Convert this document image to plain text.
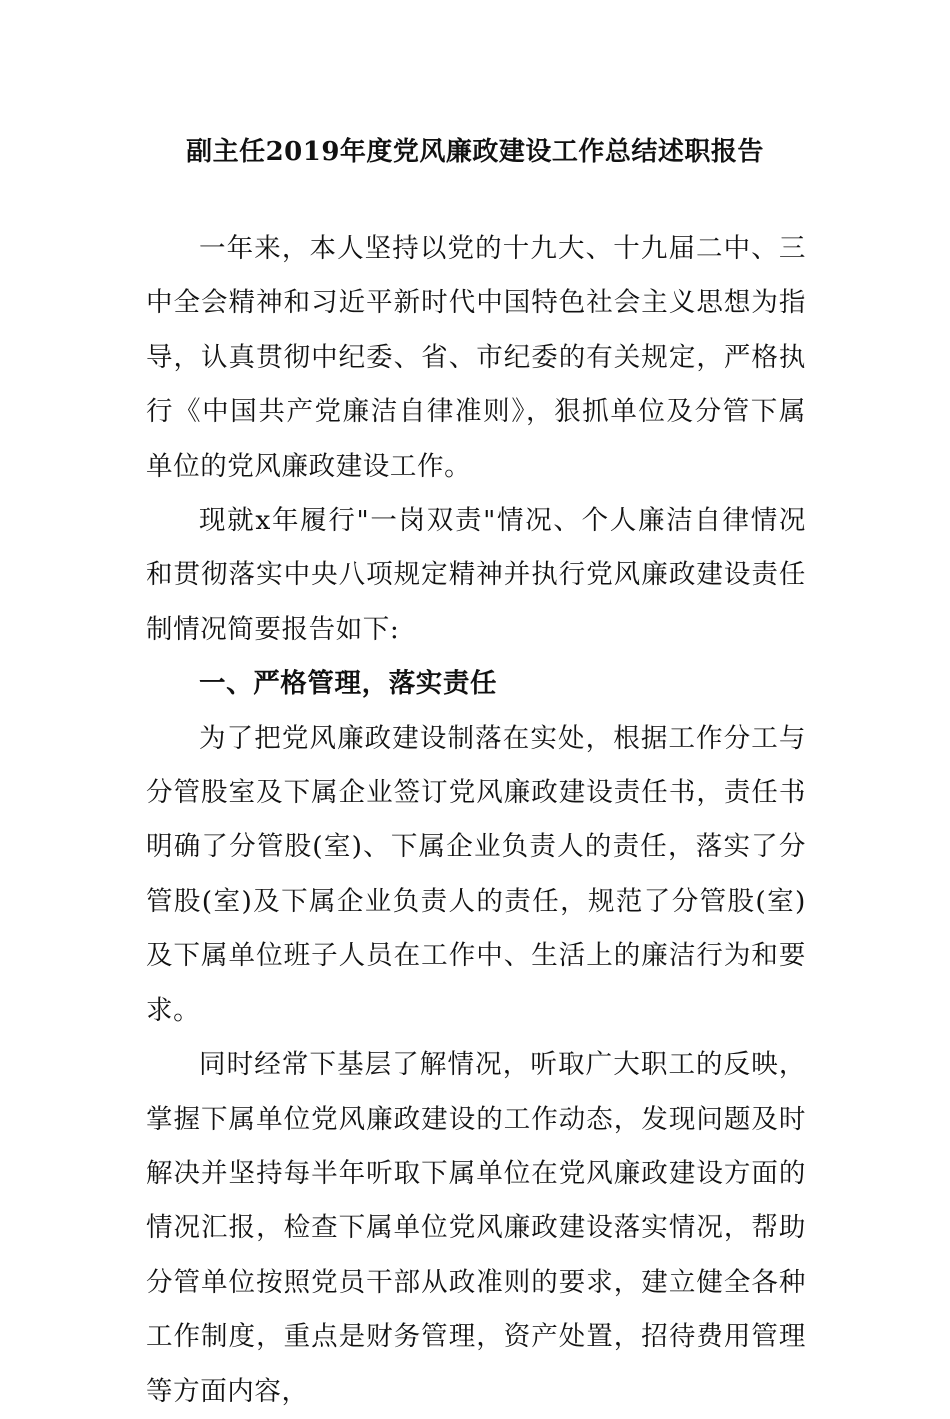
副主任2019年度党风廉政建设工作总结述职报告

一年来，本人坚持以党的十九大、十九届二中、三中全会精神和习近平新时代中国特色社会主义思想为指导，认真贯彻中纪委、省、市纪委的有关规定，严格执行《中国共产党廉洁自律准则》，狠抓单位及分管下属单位的党风廉政建设工作。

现就x年履行"一岗双责"情况、个人廉洁自律情况和贯彻落实中央八项规定精神并执行党风廉政建设责任制情况简要报告如下:

一、严格管理，落实责任

为了把党风廉政建设制落在实处，根据工作分工与分管股室及下属企业签订党风廉政建设责任书，责任书明确了分管股(室)、下属企业负责人的责任，落实了分管股(室)及下属企业负责人的责任，规范了分管股(室)及下属单位班子人员在工作中、生活上的廉洁行为和要求。

同时经常下基层了解情况，听取广大职工的反映，掌握下属单位党风廉政建设的工作动态，发现问题及时解决并坚持每半年听取下属单位在党风廉政建设方面的情况汇报，检查下属单位党风廉政建设落实情况，帮助分管单位按照党员干部从政准则的要求，建立健全各种工作制度，重点是财务管理，资产处置，招待费用管理等方面内容，
